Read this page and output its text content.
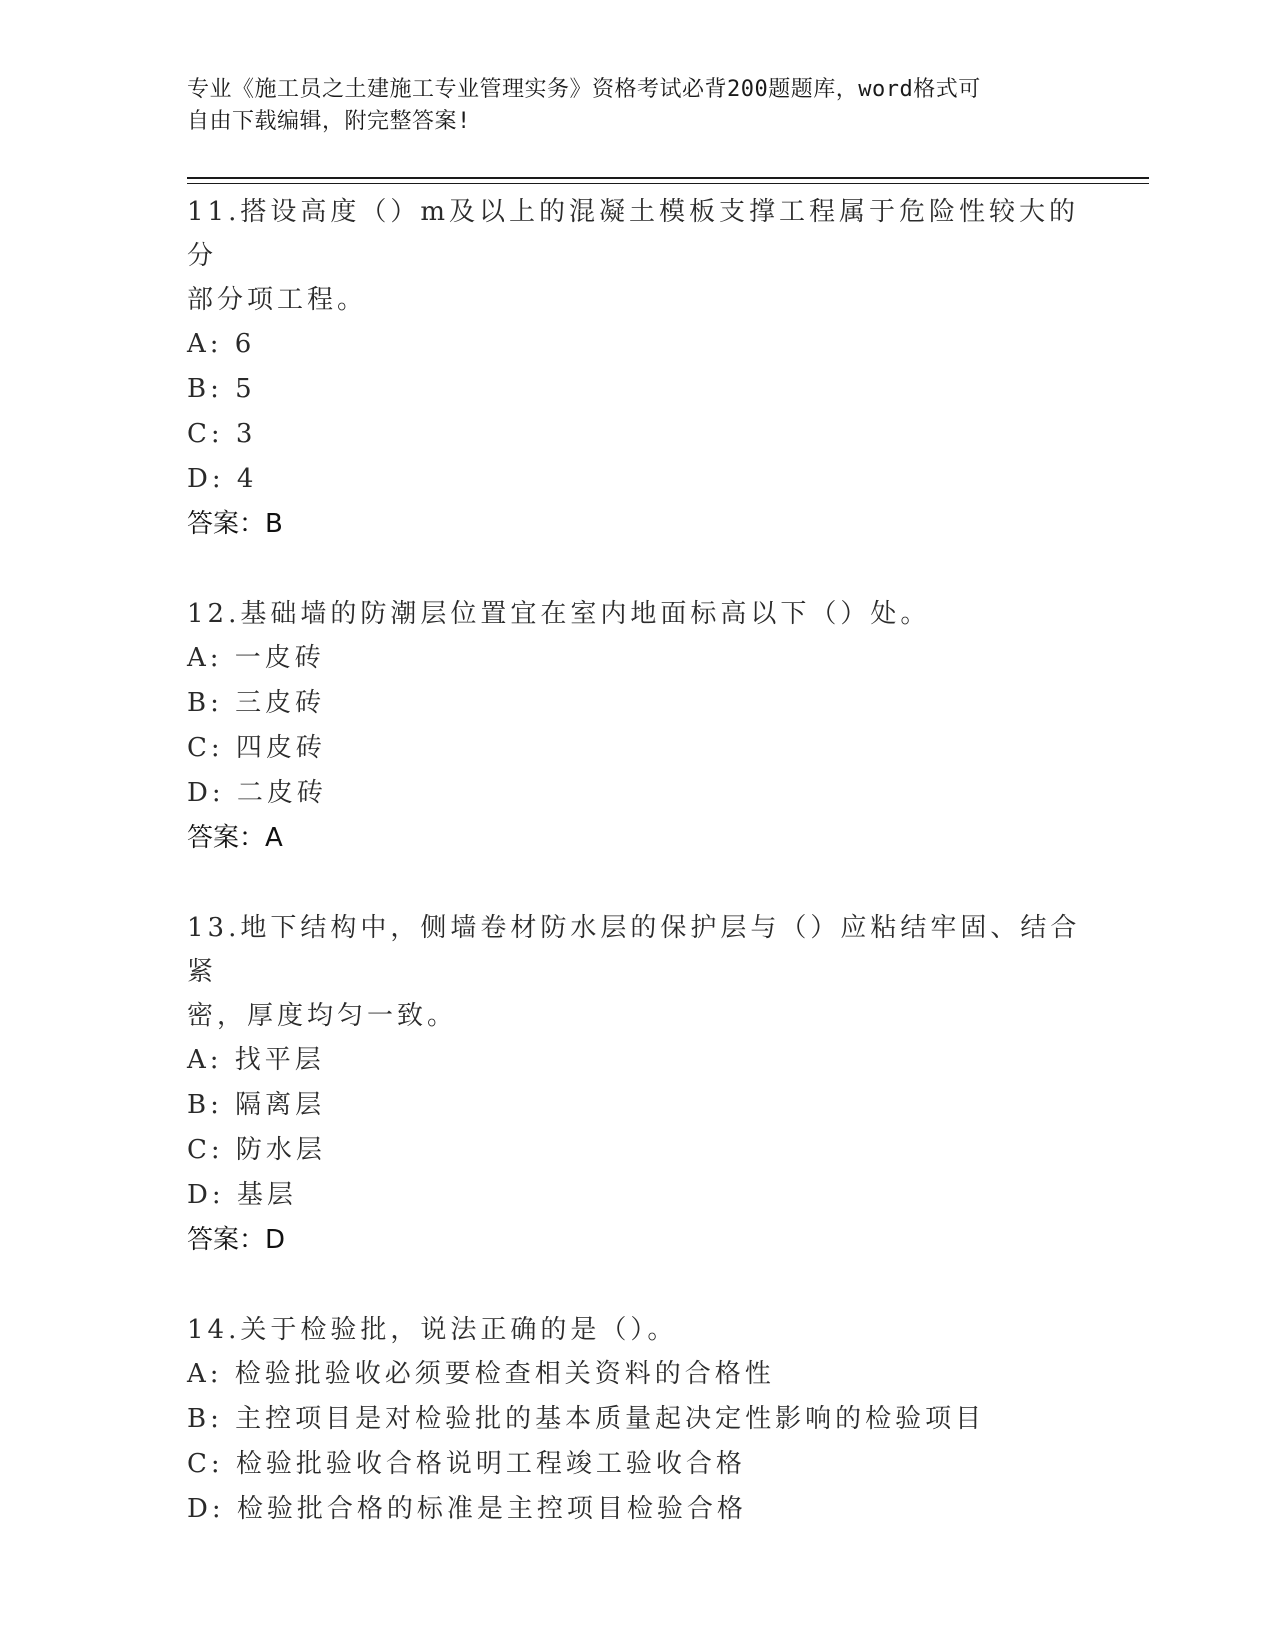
专业《施工员之土建施工专业管理实务》资格考试必背200题题库，word格式可
自由下载编辑，附完整答案!

11.搭设高度（）m及以上的混凝土模板支撑工程属于危险性较大的分

部分项工程。

A: 6

B: 5

C: 3

D: 4

答案：B

12.基础墙的防潮层位置宜在室内地面标高以下（）处。

A: 一皮砖

B: 三皮砖

C: 四皮砖

D: 二皮砖

答案：A

13.地下结构中，侧墙卷材防水层的保护层与（）应粘结牢固、结合紧

密，厚度均匀一致。

A: 找平层

B: 隔离层

C: 防水层

D: 基层

答案：D

14.关于检验批，说法正确的是（）。

A: 检验批验收必须要检查相关资料的合格性

B: 主控项目是对检验批的基本质量起决定性影响的检验项目

C: 检验批验收合格说明工程竣工验收合格

D: 检验批合格的标准是主控项目检验合格
